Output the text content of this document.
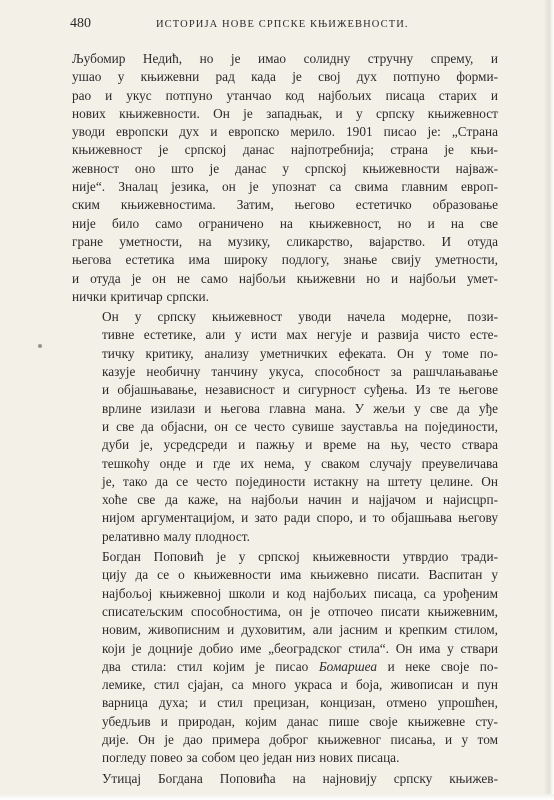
480	ИСТОРИЈА НОВЕ СРПСКЕ КЊИЖЕВНОСТИ.

Љубомир Недић, но је имао солидну стручну спрему, и
ушао у књижевни рад када је свој дух потпуно форми-
рао и укус потпуно утанчао код најбољих писаца старих и
нових књижевности. Он је западњак, и у српску књижевност
уводи европски дух и европско мерило. 1901 писао је: „Страна
књижевност је српској данас најпотребнија; страна је књи-
жевност оно што је данас у српској књижевности најваж-
није“. Зналац језика, он је упознат са свима главним европ-
ским књижевностима. Затим, његово естетичко образовање
није било само ограничено на књижевност, но и на све
гране уметности, на музику, сликарство, вајарство. И отуда
његова естетика има широку подлогу, знање свију уметности,
и отуда је он не само најбољи књижевни но и најбољи умет-
нички критичар српски.

Он у српску књижевност уводи начела модерне, пози-
тивне естетике, али у исти мах негује и развија чисто есте-
тичку критику, анализу уметничких ефеката. Он у томе по-
казује необичну танчину укуса, способност за рашчлањавање
и објашњавање, независност и сигурност суђења. Из те његове
врлине изилази и његова главна мана. У жељи у све да уђе
и све да објасни, он се често сувише зауставља на појединости,
дуби је, усредсреди и пажњу и време на њу, често ствара
тешкоћу онде и где их нема, у сваком случају преувеличава
је, тако да се често појединости истакну на штету целине. Он
хоће све да каже, на најбољи начин и најјачом и најисцрп-
нијом аргументацијом, и зато ради споро, и то објашњава његову
релативно малу плодност.

Богдан Поповић је у српској књижевности утврдио тради-
цију да се о књижевности има књижевно писати. Васпитан у
најбољој књижевној школи и код најбољих писаца, са урођеним
списатељским способностима, он је отпочео писати књижевним,
новим, живописним и духовитим, али јасним и крепким стилом,
који је доцније добио име „београдског стила“. Он има у ствари
два стила: стил којим је писао Бомаршеа и неке своје по-
лемике, стил сјајан, са много украса и боја, живописан и пун
варница духа; и стил прецизан, концизан, отмено упрошћен,
убедљив и природан, којим данас пише своје књижевне сту-
дије. Он је дао примера доброг књижевног писања, и у том
погледу повео за собом цео један низ нових писаца.

Утицај Богдана Поповића на најновију српску књижев-
